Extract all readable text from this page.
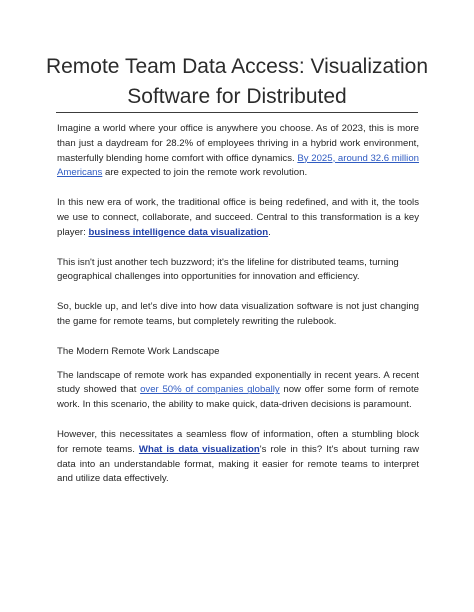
Remote Team Data Access: Visualization Software for Distributed

Imagine a world where your office is anywhere you choose. As of 2023, this is more than just a daydream for 28.2% of employees thriving in a hybrid work environment, masterfully blending home comfort with office dynamics. By 2025, around 32.6 million Americans are expected to join the remote work revolution.

In this new era of work, the traditional office is being redefined, and with it, the tools we use to connect, collaborate, and succeed. Central to this transformation is a key player: business intelligence data visualization.

This isn't just another tech buzzword; it's the lifeline for distributed teams, turning geographical challenges into opportunities for innovation and efficiency.

So, buckle up, and let’s dive into how data visualization software is not just changing the game for remote teams, but completely rewriting the rulebook.

The Modern Remote Work Landscape

The landscape of remote work has expanded exponentially in recent years. A recent study showed that over 50% of companies globally now offer some form of remote work. In this scenario, the ability to make quick, data-driven decisions is paramount.

However, this necessitates a seamless flow of information, often a stumbling block for remote teams. What is data visualization's role in this? It's about turning raw data into an understandable format, making it easier for remote teams to interpret and utilize data effectively.
